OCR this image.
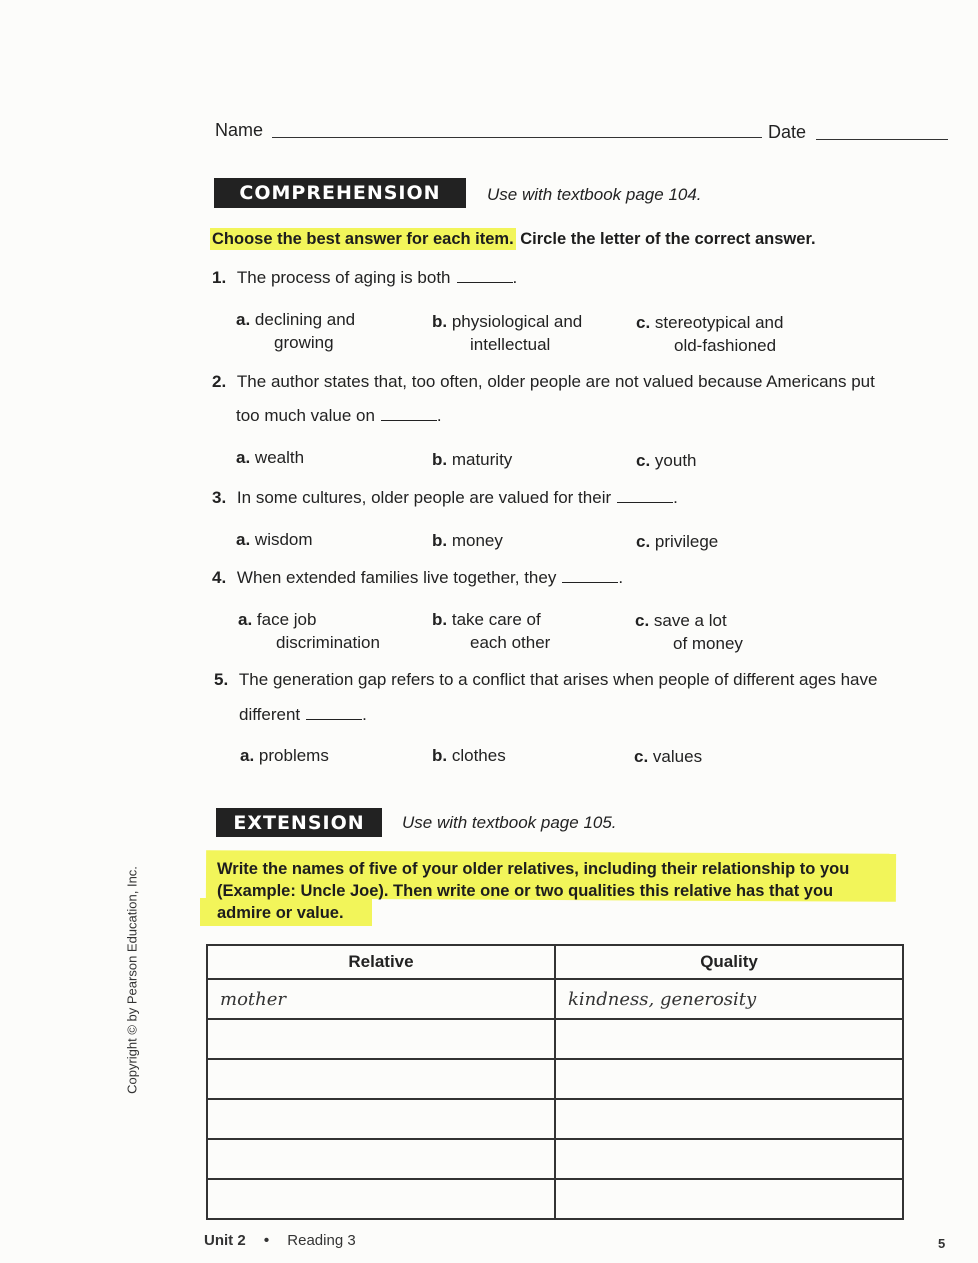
Name	Date
COMPREHENSION	Use with textbook page 104.
Choose the best answer for each item. Circle the letter of the correct answer.
1. The process of aging is both	.
a. declining and
growing
b. physiological and
intellectual
c. stereotypical and
old-fashioned
2. The author states that, too often, older people are not valued because Americans put
too much value on	.
a. wealth	b. maturity	c. youth
3. In some cultures, older people are valued for their	.
a. wisdom	b. money	c. privilege
4. When extended families live together, they	.
a. face job
discrimination
b. take care of
each other
c. save a lot
of money
5. The generation gap refers to a conflict that arises when people of different ages have
different	.
a. problems	b. clothes	c. values
EXTENSION	Use with textbook page 105.
Write the names of five of your older relatives, including their relationship to you
(Example: Uncle Joe). Then write one or two qualities this relative has that you
admire or value.
Relative	Quality
mother	kindness, generosity

Copyright © by Pearson Education, Inc.
Unit 2 • Reading 3	5
